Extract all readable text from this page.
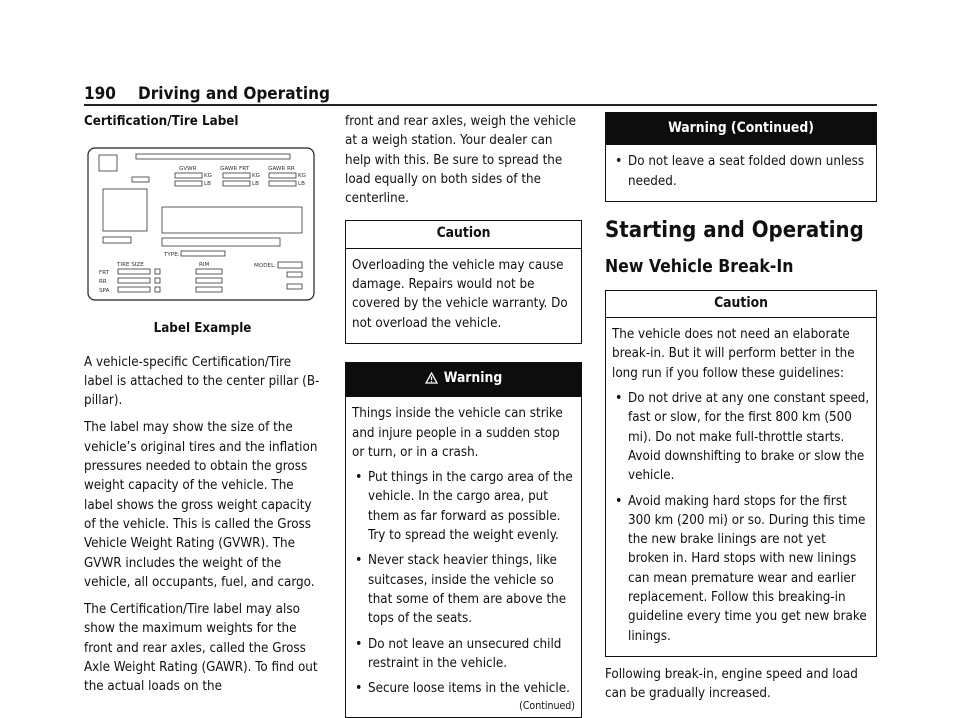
190 Driving and Operating
Certification/Tire Label
GVWR	GAWR FRT	GAWR RR
KG
LB
KG
LB
KG
LB
TYPE:
TIRE SIZE	RIM	MODEL:
FRT
RR
SPA
Label Example

A vehicle-specific Certification/Tire label is attached to the center pillar (B-pillar).

The label may show the size of the vehicle’s original tires and the inflation pressures needed to obtain the gross weight capacity of the vehicle. The label shows the gross weight capacity of the vehicle. This is called the Gross Vehicle Weight Rating (GVWR). The GVWR includes the weight of the vehicle, all occupants, fuel, and cargo.

The Certification/Tire label may also show the maximum weights for the front and rear axles, called the Gross Axle Weight Rating (GAWR). To find out the actual loads on the

front and rear axles, weigh the vehicle at a weigh station. Your dealer can help with this. Be sure to spread the load equally on both sides of the centerline.

Caution

Overloading the vehicle may cause damage. Repairs would not be covered by the vehicle warranty. Do not overload the vehicle.

Warning

Things inside the vehicle can strike and injure people in a sudden stop or turn, or in a crash.

• Put things in the cargo area of the vehicle. In the cargo area, put them as far forward as possible. Try to spread the weight evenly.
• Never stack heavier things, like suitcases, inside the vehicle so that some of them are above the tops of the seats.
• Do not leave an unsecured child restraint in the vehicle.
• Secure loose items in the vehicle.
(Continued)
Warning (Continued)
• Do not leave a seat folded down unless needed.
Starting and Operating
New Vehicle Break-In
Caution

The vehicle does not need an elaborate break-in. But it will perform better in the long run if you follow these guidelines:

• Do not drive at any one constant speed, fast or slow, for the first 800 km (500 mi). Do not make full-throttle starts. Avoid downshifting to brake or slow the vehicle.
• Avoid making hard stops for the first 300 km (200 mi) or so. During this time the new brake linings are not yet broken in. Hard stops with new linings can mean premature wear and earlier replacement. Follow this breaking-in guideline every time you get new brake linings.

Following break-in, engine speed and load can be gradually increased.
